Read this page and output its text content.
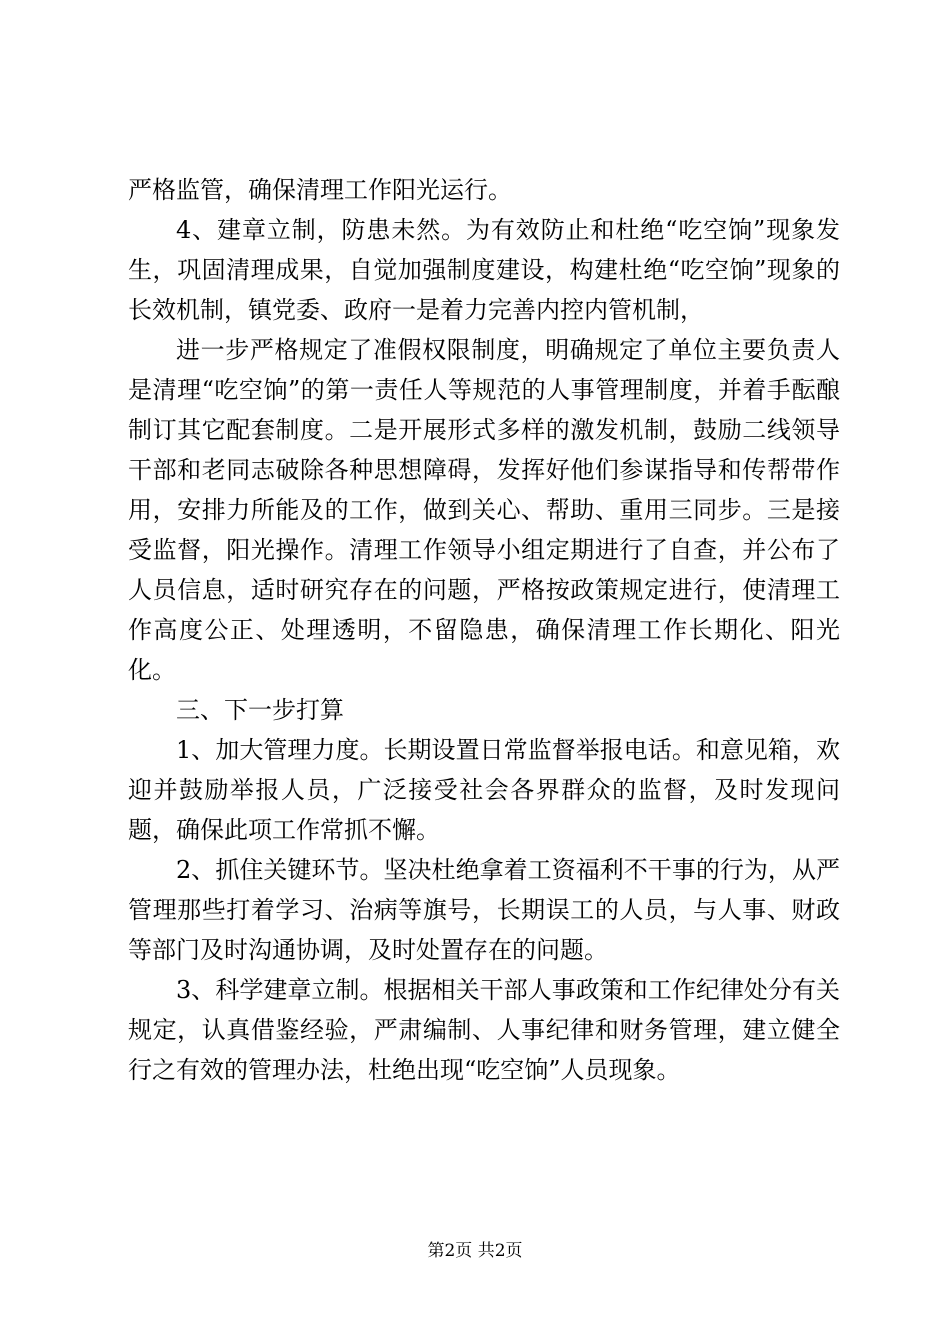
严格监管，确保清理工作阳光运行。

4、建章立制，防患未然。为有效防止和杜绝“吃空饷”现象发生，巩固清理成果，自觉加强制度建设，构建杜绝“吃空饷”现象的长效机制，镇党委、政府一是着力完善内控内管机制，

进一步严格规定了准假权限制度，明确规定了单位主要负责人是清理“吃空饷”的第一责任人等规范的人事管理制度，并着手酝酿制订其它配套制度。二是开展形式多样的激发机制，鼓励二线领导干部和老同志破除各种思想障碍，发挥好他们参谋指导和传帮带作用，安排力所能及的工作，做到关心、帮助、重用三同步。三是接受监督，阳光操作。清理工作领导小组定期进行了自查，并公布了人员信息，适时研究存在的问题，严格按政策规定进行，使清理工作高度公正、处理透明，不留隐患，确保清理工作长期化、阳光化。

三、下一步打算

1、加大管理力度。长期设置日常监督举报电话。和意见箱，欢迎并鼓励举报人员，广泛接受社会各界群众的监督，及时发现问题，确保此项工作常抓不懈。

2、抓住关键环节。坚决杜绝拿着工资福利不干事的行为，从严管理那些打着学习、治病等旗号，长期误工的人员，与人事、财政等部门及时沟通协调，及时处置存在的问题。

3、科学建章立制。根据相关干部人事政策和工作纪律处分有关规定，认真借鉴经验，严肃编制、人事纪律和财务管理，建立健全行之有效的管理办法，杜绝出现“吃空饷”人员现象。

第2页 共2页
